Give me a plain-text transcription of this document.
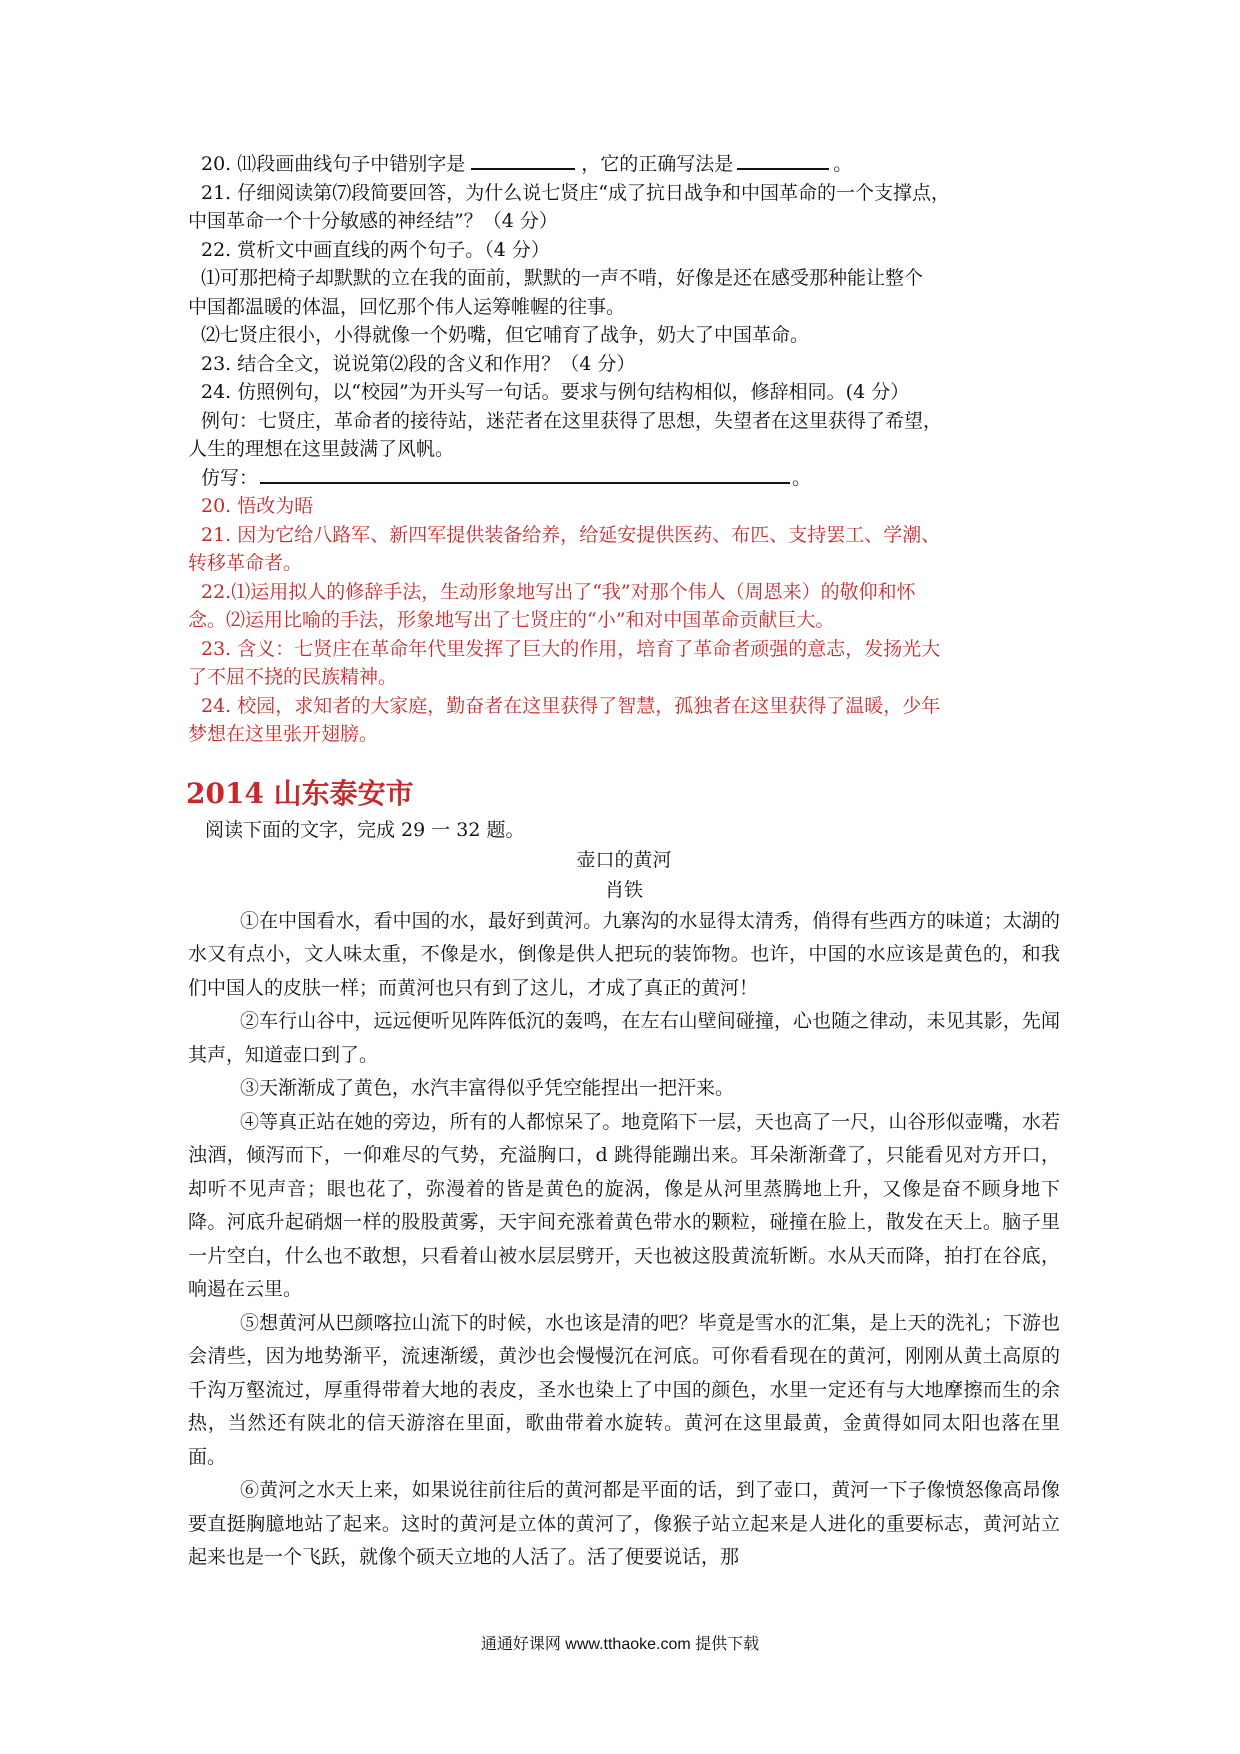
20. ⑾段画曲线句子中错别字是	，它的正确写法是	。

21. 仔细阅读第⑺段简要回答，为什么说七贤庄“成了抗日战争和中国革命的一个支撑点，

中国革命一个十分敏感的神经结”？（4 分）

22. 赏析文中画直线的两个句子。（4 分）

⑴可那把椅子却默默的立在我的面前，默默的一声不啃，好像是还在感受那种能让整个

中国都温暖的体温，回忆那个伟人运筹帷幄的往事。

⑵七贤庄很小，小得就像一个奶嘴，但它哺育了战争，奶大了中国革命。

23. 结合全文，说说第⑵段的含义和作用？（4 分）

24. 仿照例句，以“校园”为开头写一句话。要求与例句结构相似，修辞相同。(4 分）

例句：七贤庄，革命者的接待站，迷茫者在这里获得了思想，失望者在这里获得了希望，

人生的理想在这里鼓满了风帆。

仿写：	。

20. 悟改为晤

21. 因为它给八路军、新四军提供装备给养，给延安提供医药、布匹、支持罢工、学潮、

转移革命者。

22.⑴运用拟人的修辞手法，生动形象地写出了“我”对那个伟人（周恩来）的敬仰和怀

念。⑵运用比喻的手法，形象地写出了七贤庄的“小”和对中国革命贡献巨大。

23. 含义：七贤庄在革命年代里发挥了巨大的作用，培育了革命者顽强的意志，发扬光大

了不屈不挠的民族精神。

24. 校园，求知者的大家庭，勤奋者在这里获得了智慧，孤独者在这里获得了温暖，少年

梦想在这里张开翅膀。

2014 山东泰安市

阅读下面的文字，完成 29 一 32 题。

壶口的黄河

肖铁

①在中国看水，看中国的水，最好到黄河。九寨沟的水显得太清秀，俏得有些西方的味道；太湖的水又有点小，文人味太重，不像是水，倒像是供人把玩的装饰物。也许，中国的水应该是黄色的，和我们中国人的皮肤一样；而黄河也只有到了这儿，才成了真正的黄河！

②车行山谷中，远远便听见阵阵低沉的轰鸣，在左右山壁间碰撞，心也随之律动，未见其影，先闻其声，知道壶口到了。

③天渐渐成了黄色，水汽丰富得似乎凭空能捏出一把汗来。

④等真正站在她的旁边，所有的人都惊呆了。地竟陷下一层，天也高了一尺，山谷形似壶嘴，水若浊酒，倾泻而下，一仰难尽的气势，充溢胸口，d 跳得能蹦出来。耳朵渐渐聋了，只能看见对方开口，却听不见声音；眼也花了，弥漫着的皆是黄色的旋涡，像是从河里蒸腾地上升，又像是奋不顾身地下降。河底升起硝烟一样的股股黄雾，天宇间充涨着黄色带水的颗粒，碰撞在脸上，散发在天上。脑子里一片空白，什么也不敢想，只看着山被水层层劈开，天也被这股黄流斩断。水从天而降，拍打在谷底，响遏在云里。

⑤想黄河从巴颜喀拉山流下的时候，水也该是清的吧？毕竟是雪水的汇集，是上天的洗礼；下游也会清些，因为地势渐平，流速渐缓，黄沙也会慢慢沉在河底。可你看看现在的黄河，刚刚从黄土高原的千沟万壑流过，厚重得带着大地的表皮，圣水也染上了中国的颜色，水里一定还有与大地摩擦而生的余热，当然还有陕北的信天游溶在里面，歌曲带着水旋转。黄河在这里最黄，金黄得如同太阳也落在里面。

⑥黄河之水天上来，如果说往前往后的黄河都是平面的话，到了壶口，黄河一下子像愤怒像高昂像要直挺胸臆地站了起来。这时的黄河是立体的黄河了，像猴子站立起来是人进化的重要标志，黄河站立起来也是一个飞跃，就像个硕天立地的人活了。活了便要说话，那

通通好课网 www.tthaoke.com 提供下载
